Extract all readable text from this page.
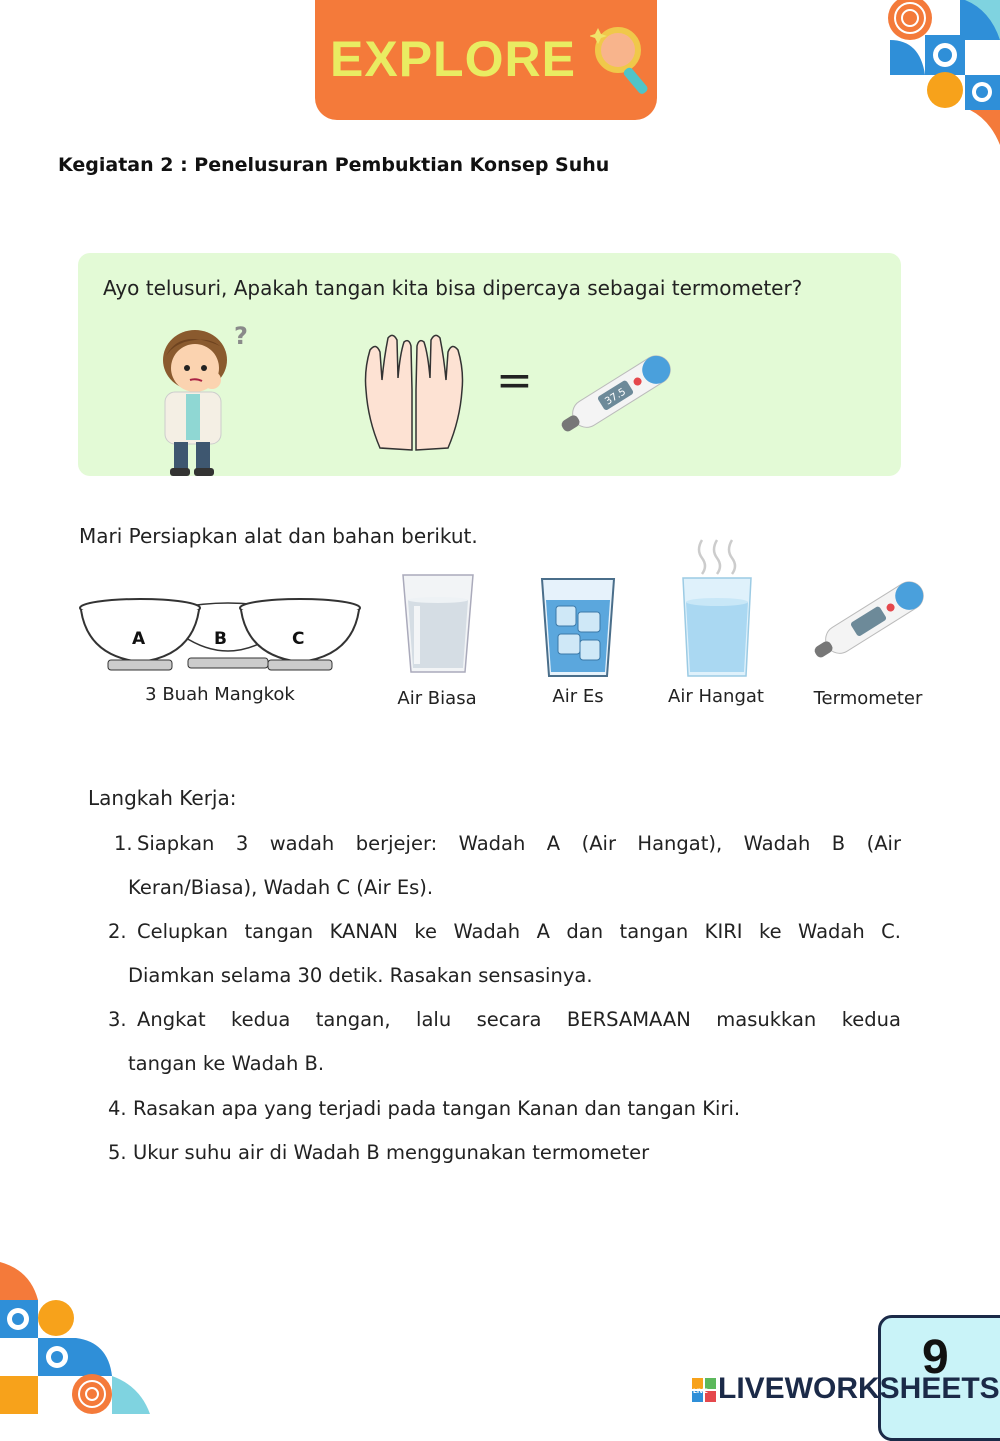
EXPLORE
Kegiatan 2 : Penelusuran Pembuktian Konsep Suhu
Ayo telusuri, Apakah tangan kita bisa dipercaya sebagai termometer?
?
=	37.5
Mari Persiapkan alat dan bahan berikut.
A	B	C
3 Buah Mangkok	Air Biasa	Air Es	Air Hangat	Termometer
Langkah Kerja:
1. Siapkan 3 wadah berjejer: Wadah A (Air Hangat), Wadah B (Air
Keran/Biasa), Wadah C (Air Es).
2. Celupkan tangan KANAN ke Wadah A dan tangan KIRI ke Wadah C.
Diamkan selama 30 detik. Rasakan sensasinya.
3. Angkat kedua tangan, lalu secara BERSAMAAN masukkan kedua
tangan ke Wadah B.
4. Rasakan apa yang terjadi pada tangan Kanan dan tangan Kiri.
5. Ukur suhu air di Wadah B menggunakan termometer
9
LIVE LIVEWORKSHEETS
